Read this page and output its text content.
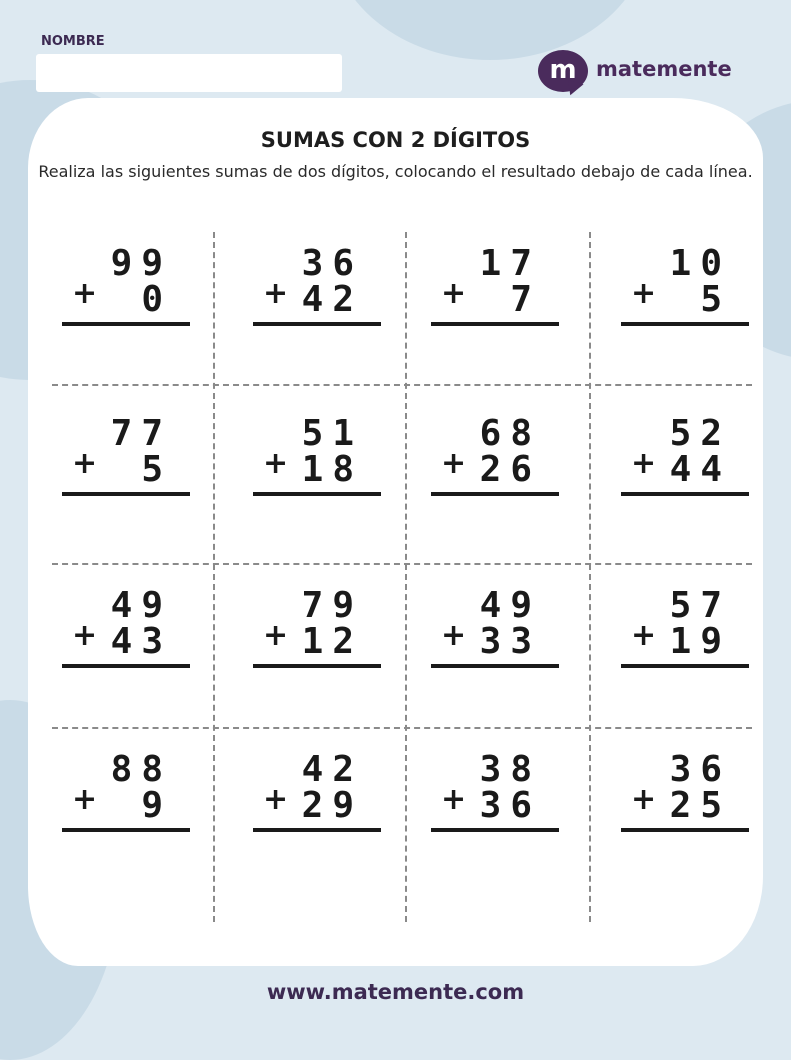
NOMBRE
m matemente
SUMAS CON 2 DÍGITOS
Realiza las siguientes sumas de dos dígitos, colocando el resultado debajo de cada línea.
99
+ 0
36
+ 42
17
+ 7
10
+ 5
77
+ 5
51
+ 18
68
+ 26
52
+ 44
49
+ 43
79
+ 12
49
+ 33
57
+ 19
88
+ 9
42
+ 29
38
+ 36
36
+ 25
www.matemente.com
